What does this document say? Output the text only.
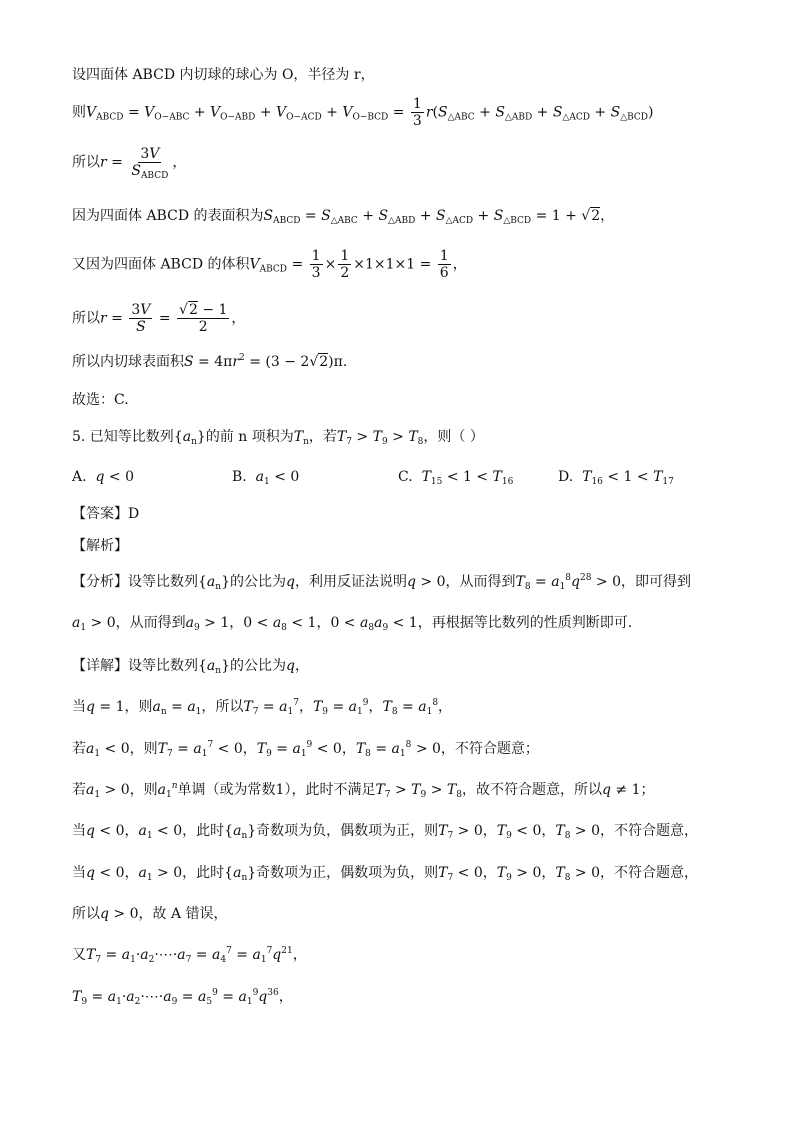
设四面体 ABCD 内切球的球心为 O，半径为 r，
则$V_{ABCD} = V_{O-ABC} + V_{O-ABD} + V_{O-ACD} + V_{O-BCD} = \frac{1}{3} r(S_{\triangle ABC} + S_{\triangle ABD} + S_{\triangle ACD} + S_{\triangle BCD})$
所以$r = \frac{3V}{S_{ABCD}}$ ，
因为四面体 ABCD 的表面积为$S_{ABCD} = S_{\triangle ABC} + S_{\triangle ABD} + S_{\triangle ACD} + S_{\triangle BCD} = 1 + √2$，
又因为四面体 ABCD 的体积$V_{ABCD} = \frac{1}{3} \times \frac{1}{2} \times 1\times 1\times 1 = \frac{1}{6}$ ，
所以$r = \frac{3V}{S} = \frac{√2 - 1}{2}$ ，
所以内切球表面积$S = 4\pi r^2 = (3 - 2√2)\pi$.
故选：C.
5. 已知等比数列$\{a_n\}$的前 n 项积为$T_n$，若$T_7 > T_9 > T_8$，则（ ）
A. q < 0	B. $a_1 < 0$	C. $T_{15} < 1 < T_{16}$	D. $T_{16} < 1 < T_{17}$
【答案】D
【解析】
【分析】设等比数列$\{a_n\}$的公比为q，利用反证法说明q > 0，从而得到$T_8 = a_1^8q^{28} > 0$，即可得到
$a_1 > 0$，从而得到$a_9 > 1$，$0 < a_8 < 1$，$0 < a_8a_9 < 1$，再根据等比数列的性质判断即可.
【详解】设等比数列$\{a_n\}$的公比为q，
当q = 1，则$a_n = a_1$，所以$T_7 = a_1^7$，$T_9 = a_1^9$，$T_8 = a_1^8$，
若$a_1 < 0$，则$T_7 = a_1^7 < 0$，$T_9 = a_1^9 < 0$，$T_8 = a_1^8 > 0$，不符合题意；
若$a_1 > 0$，则$a_1^n$单调（或为常数1），此时不满足$T_7 > T_9 > T_8$，故不符合题意，所以q ≠ 1；
当q < 0，$a_1 < 0$，此时$\{a_n\}$奇数项为负，偶数项为正，则$T_7 > 0$，$T_9 < 0$，$T_8 > 0$，不符合题意，
当q < 0，$a_1 > 0$，此时$\{a_n\}$奇数项为正，偶数项为负，则$T_7 < 0$，$T_9 > 0$，$T_8 > 0$，不符合题意，
所以q > 0，故 A 错误，
又$T_7$ = $a_1\cdot a_2\cdot\cdots\cdot a_7 = a_4^7 = a_1^7q^{21}$，
$T_9$ = $a_1\cdot a_2\cdot\cdots\cdot a_9 = a_5^9 = a_1^9q^{36}$，
